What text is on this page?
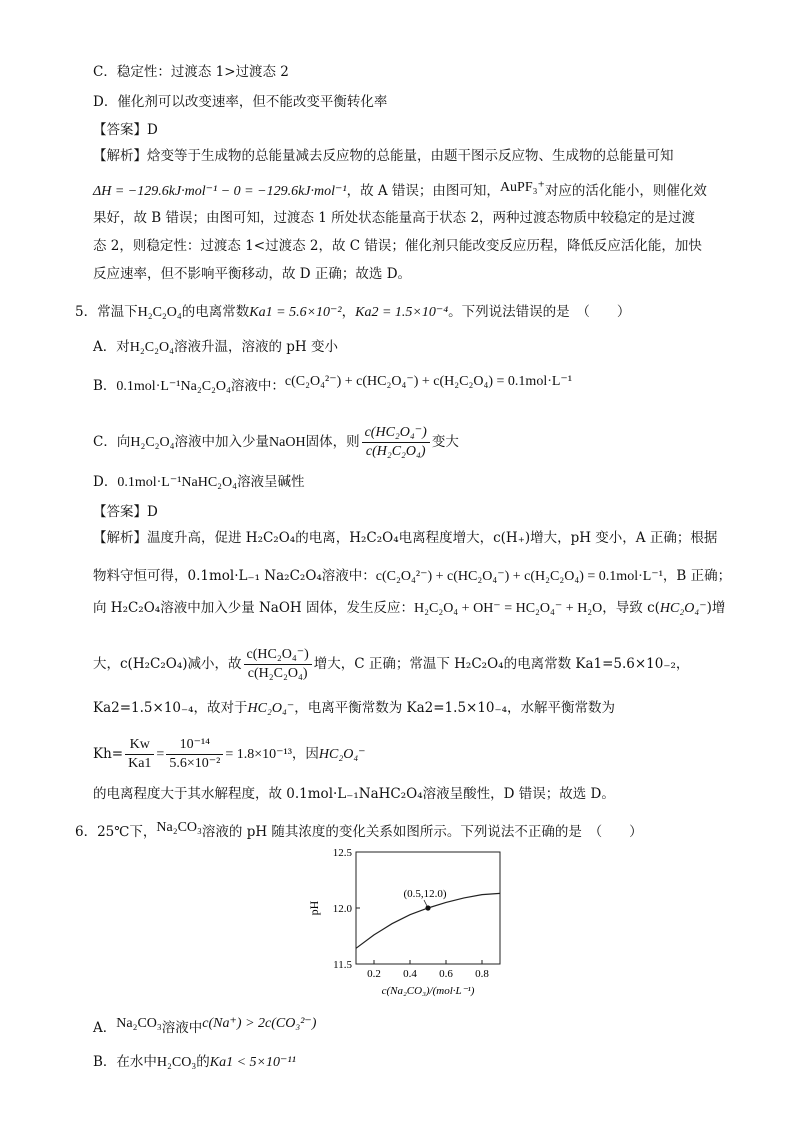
C．稳定性：过渡态 1>过渡态 2
D．催化剂可以改变速率，但不能改变平衡转化率
【答案】D
【解析】焓变等于生成物的总能量减去反应物的总能量，由题干图示反应物、生成物的总能量可知
ΔH = −129.6kJ·mol⁻¹ − 0 = −129.6kJ·mol⁻¹，故 A 错误；由图可知，AuPF₃⁺对应的活化能小，则催化效
果好，故 B 错误；由图可知，过渡态 1 所处状态能量高于状态 2，两种过渡态物质中较稳定的是过渡
态 2，则稳定性：过渡态 1<过渡态 2，故 C 错误；催化剂只能改变反应历程，降低反应活化能，加快
反应速率，但不影响平衡移动，故 D 正确；故选 D。
5．常温下H₂C₂O₄的电离常数Ka1 = 5.6×10⁻²，Ka2 = 1.5×10⁻⁴。下列说法错误的是　 （　　）
A．对H₂C₂O₄溶液升温，溶液的 pH 变小
B．0.1mol·L⁻¹Na₂C₂O₄溶液中：c(C₂O₄²⁻) + c(HC₂O₄⁻) + c(H₂C₂O₄) = 0.1mol·L⁻¹
C．向H₂C₂O₄溶液中加入少量NaOH固体，则 $\frac{\text{c(HC₂O₄⁻)}}{\text{c(H₂C₂O₄)}}$ 变大
D．0.1mol·L⁻¹NaHC₂O₄溶液呈碱性
【答案】D
【解析】温度升高，促进 H₂C₂O₄的电离，H₂C₂O₄电离程度增大，c(H₊)增大，pH 变小，A 正确；根据
物料守恒可得，0.1mol·L₋₁ Na₂C₂O₄溶液中：c(C₂O₄²⁻) + c(HC₂O₄⁻) + c(H₂C₂O₄) = 0.1mol·L⁻¹，B 正确；
向 H₂C₂O₄溶液中加入少量 NaOH 固体，发生反应：H₂C₂O₄ + OH⁻ = HC₂O₄⁻ + H₂O，导致 c(HC₂O₄⁻)增
大，c(H₂C₂O₄)减小，故 $\frac{\text{c(HC₂O₄⁻)}}{\text{c(H₂C₂O₄)}}$ 增大，C 正确；常温下 H₂C₂O₄的电离常数 Ka1=5.6×10₋₂，
Ka2=1.5×10₋₄，故对于HC₂O₄⁻，电离平衡常数为 Ka2=1.5×10₋₄，水解平衡常数为
$Kh= \frac{Kw}{Ka1} = \frac{\text{10⁻¹⁴}}{\text{5.6×10⁻²}} = 1.8\times 10^{-13}$，因HC₂O₄⁻
的电离程度大于其水解程度，故 0.1mol·L₋₁NaHC₂O₄溶液呈酸性，D 错误；故选 D。
6．25℃下，Na₂CO₃溶液的 pH 随其浓度的变化关系如图所示。下列说法不正确的是　 （　　）
0.2 0.4 0.6 0.8
11.5
12.0
12.5
(0.5,12.0)
c(Na₂CO₃)/(mol·L⁻¹)
pH
A．Na₂CO₃溶液中c(Na⁺) > 2c(CO₃²⁻)
B．在水中H₂CO₃的Ka1 < 5×10⁻¹¹
